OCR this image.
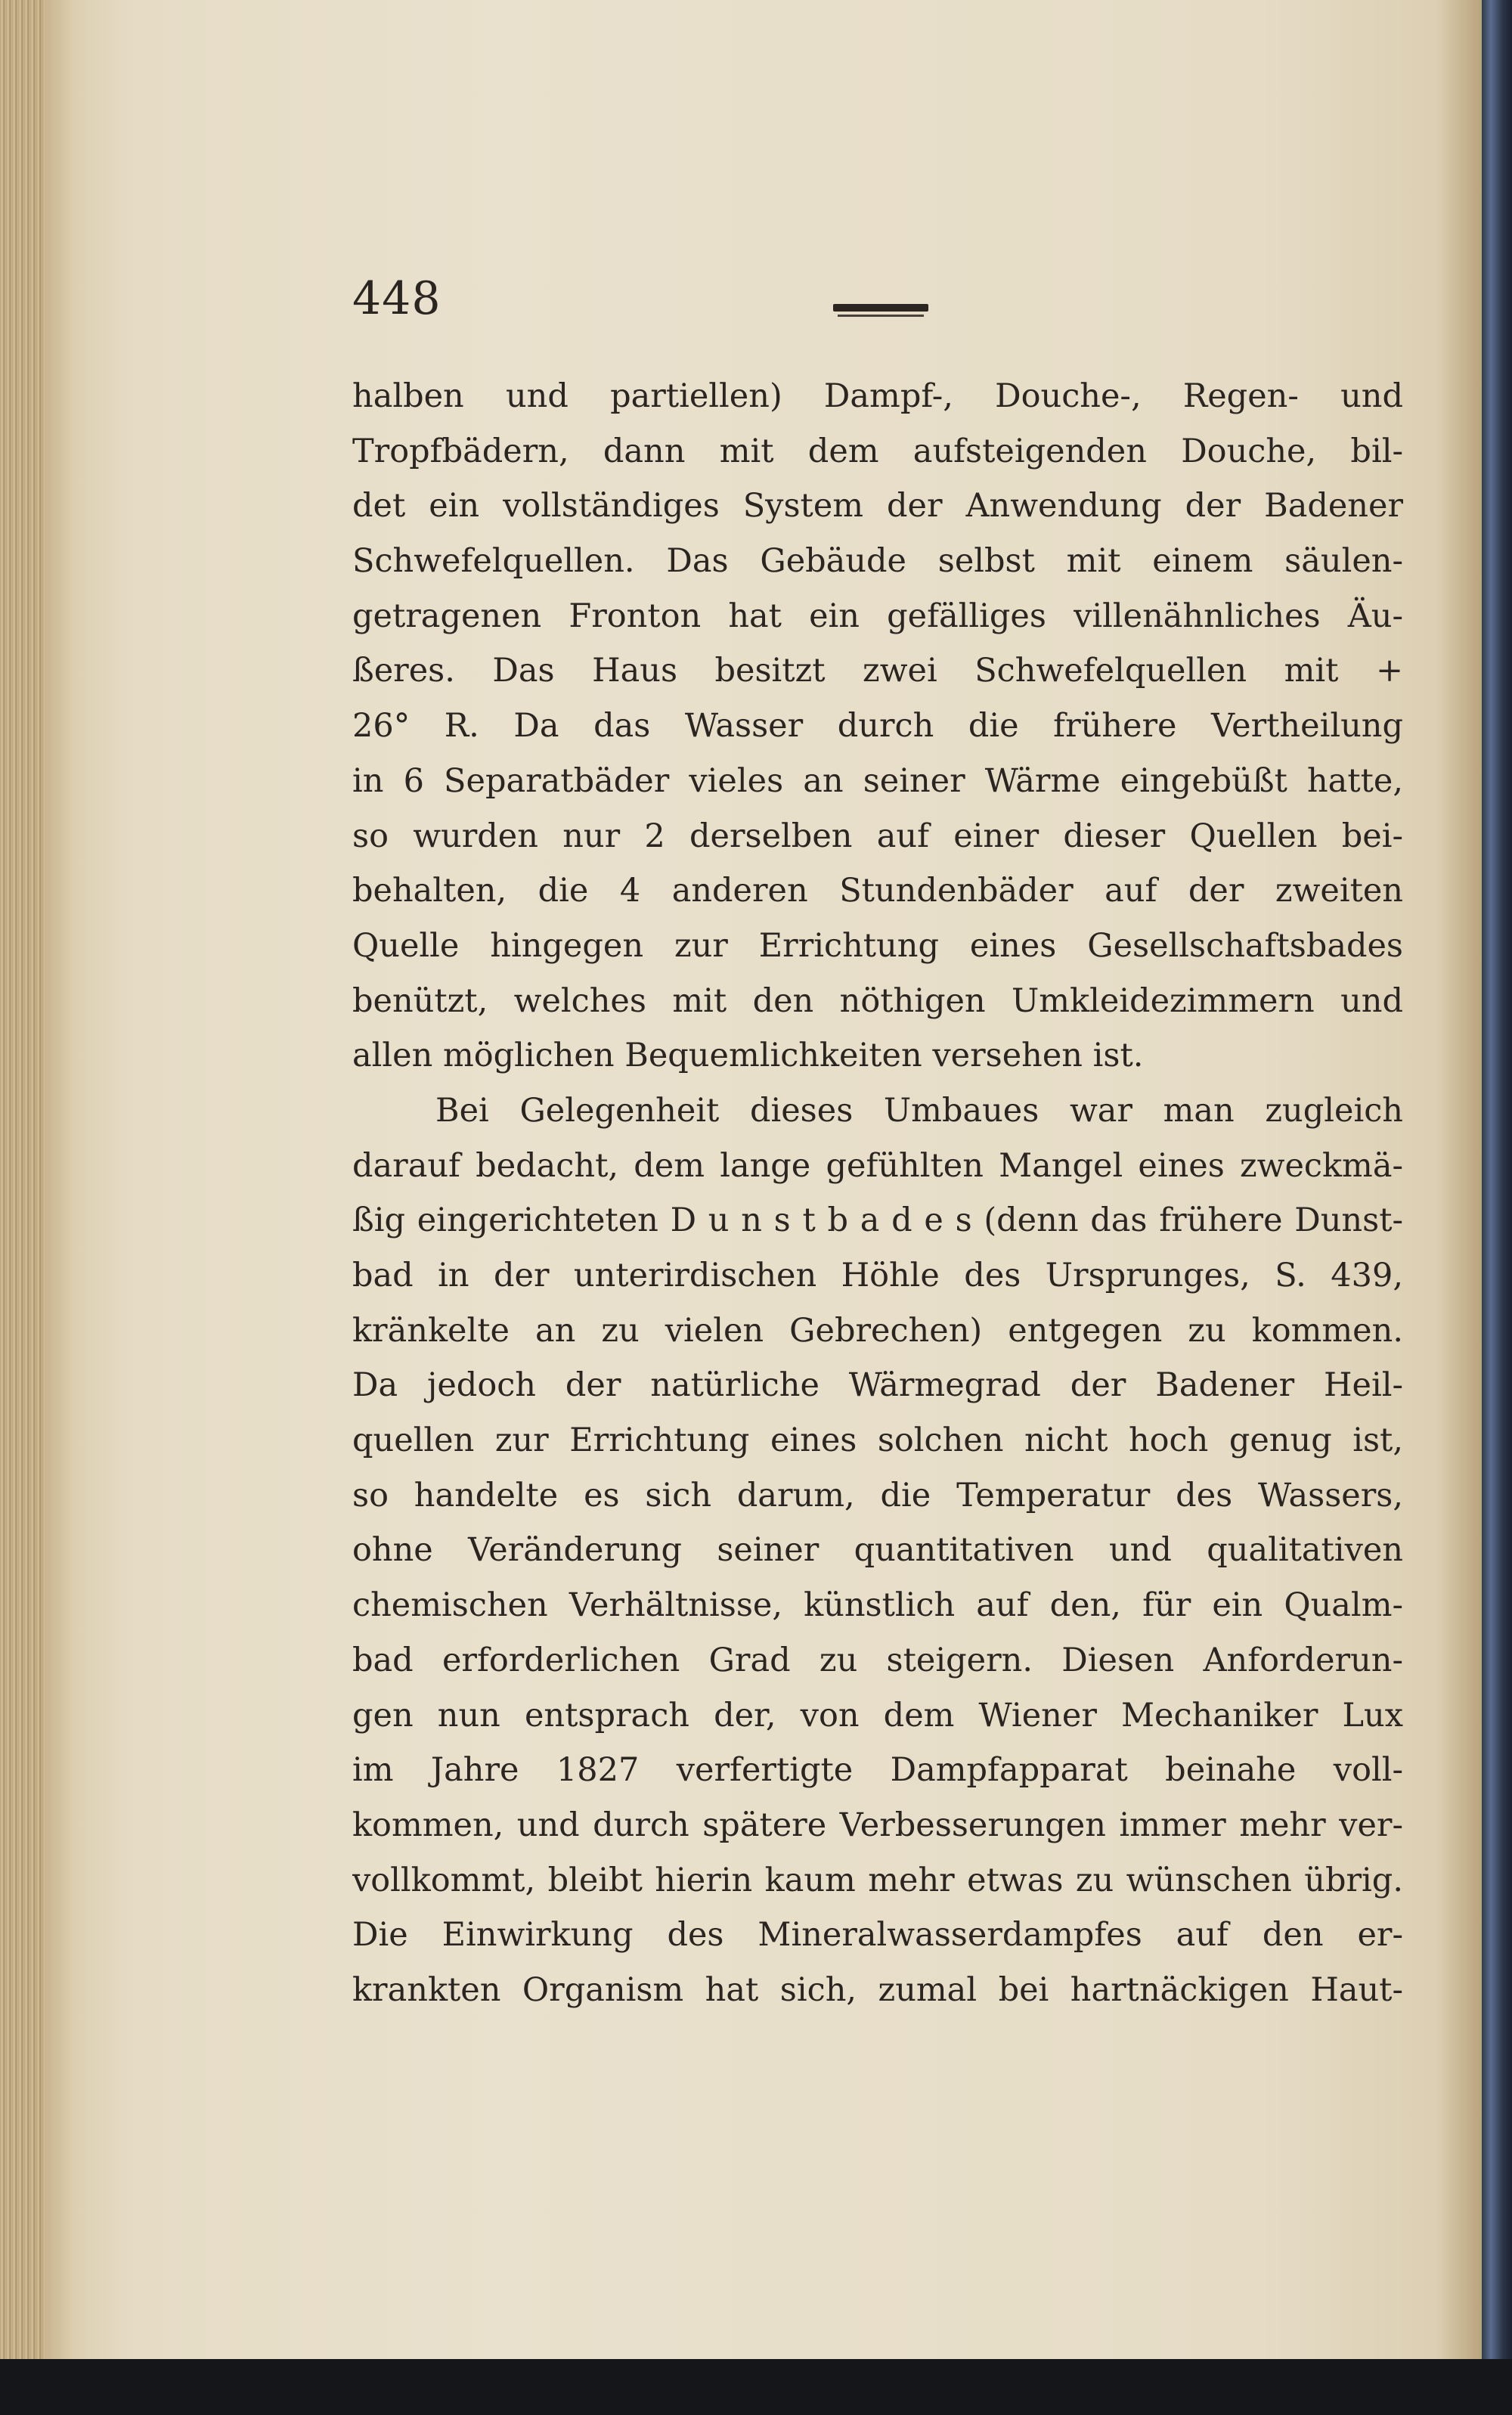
448
halben und partiellen) Dampf-, Douche-, Regen- und
Tropfbädern, dann mit dem aufsteigenden Douche, bil-
det ein vollständiges System der Anwendung der Badener
Schwefelquellen. Das Gebäude selbst mit einem säulen-
getragenen Fronton hat ein gefälliges villenähnliches Äu-
ßeres. Das Haus besitzt zwei Schwefelquellen mit +
26° R. Da das Wasser durch die frühere Vertheilung
in 6 Separatbäder vieles an seiner Wärme eingebüßt hatte,
so wurden nur 2 derselben auf einer dieser Quellen bei-
behalten, die 4 anderen Stundenbäder auf der zweiten
Quelle hingegen zur Errichtung eines Gesellschaftsbades
benützt, welches mit den nöthigen Umkleidezimmern und
allen möglichen Bequemlichkeiten versehen ist.
Bei Gelegenheit dieses Umbaues war man zugleich
darauf bedacht, dem lange gefühlten Mangel eines zweckmä-
ßig eingerichteten D u n s t b a d e s (denn das frühere Dunst-
bad in der unterirdischen Höhle des Ursprunges, S. 439,
kränkelte an zu vielen Gebrechen) entgegen zu kommen.
Da jedoch der natürliche Wärmegrad der Badener Heil-
quellen zur Errichtung eines solchen nicht hoch genug ist,
so handelte es sich darum, die Temperatur des Wassers,
ohne Veränderung seiner quantitativen und qualitativen
chemischen Verhältnisse, künstlich auf den, für ein Qualm-
bad erforderlichen Grad zu steigern. Diesen Anforderun-
gen nun entsprach der, von dem Wiener Mechaniker Lux
im Jahre 1827 verfertigte Dampfapparat beinahe voll-
kommen, und durch spätere Verbesserungen immer mehr ver-
vollkommt, bleibt hierin kaum mehr etwas zu wünschen übrig.
Die Einwirkung des Mineralwasserdampfes auf den er-
krankten Organism hat sich, zumal bei hartnäckigen Haut-
